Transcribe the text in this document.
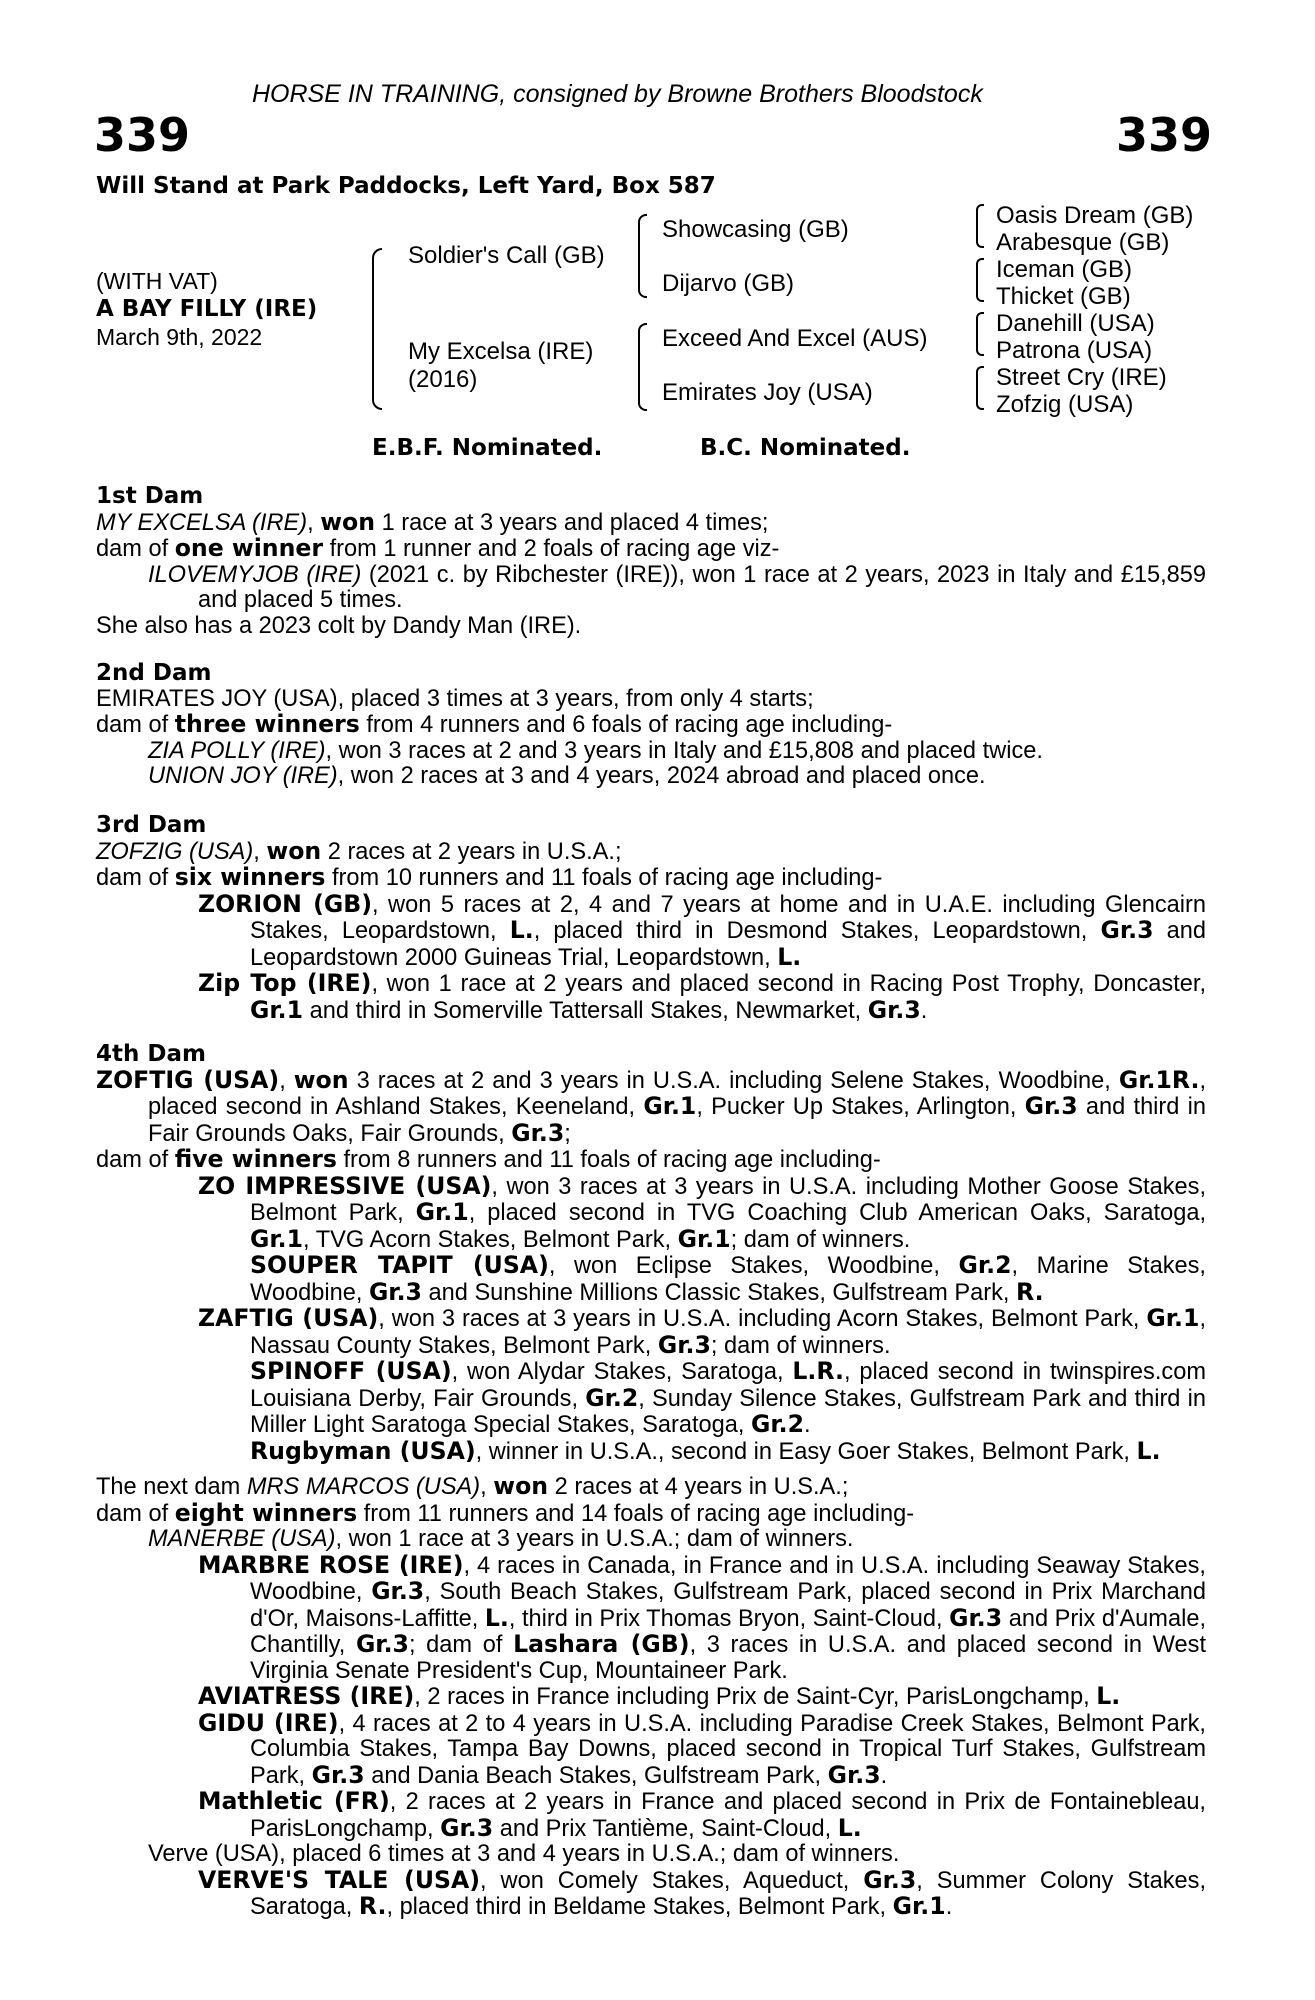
HORSE IN TRAINING, consigned by Browne Brothers Bloodstock
339	339
Will Stand at Park Paddocks, Left Yard, Box 587
(WITH VAT)
A BAY FILLY (IRE)
March 9th, 2022
Soldier's Call (GB)
My Excelsa (IRE)
(2016)
Showcasing (GB)
Dijarvo (GB)
Exceed And Excel (AUS)
Emirates Joy (USA)
Oasis Dream (GB)
Arabesque (GB)
Iceman (GB)
Thicket (GB)
Danehill (USA)
Patrona (USA)
Street Cry (IRE)
Zofzig (USA)
E.B.F. Nominated.	B.C. Nominated.
1st Dam

MY EXCELSA (IRE), won 1 race at 3 years and placed 4 times;

dam of one winner from 1 runner and 2 foals of racing age viz-

ILOVEMYJOB (IRE) (2021 c. by Ribchester (IRE)), won 1 race at 2 years, 2023 in Italy and £15,859 and placed 5 times.

She also has a 2023 colt by Dandy Man (IRE).

2nd Dam

EMIRATES JOY (USA), placed 3 times at 3 years, from only 4 starts;

dam of three winners from 4 runners and 6 foals of racing age including-

ZIA POLLY (IRE), won 3 races at 2 and 3 years in Italy and £15,808 and placed twice.

UNION JOY (IRE), won 2 races at 3 and 4 years, 2024 abroad and placed once.

3rd Dam

ZOFZIG (USA), won 2 races at 2 years in U.S.A.;

dam of six winners from 10 runners and 11 foals of racing age including-

ZORION (GB), won 5 races at 2, 4 and 7 years at home and in U.A.E. including Glencairn Stakes, Leopardstown, L., placed third in Desmond Stakes, Leopardstown, Gr.3 and Leopardstown 2000 Guineas Trial, Leopardstown, L.

Zip Top (IRE), won 1 race at 2 years and placed second in Racing Post Trophy, Doncaster, Gr.1 and third in Somerville Tattersall Stakes, Newmarket, Gr.3.

4th Dam

ZOFTIG (USA), won 3 races at 2 and 3 years in U.S.A. including Selene Stakes, Woodbine, Gr.1R., placed second in Ashland Stakes, Keeneland, Gr.1, Pucker Up Stakes, Arlington, Gr.3 and third in Fair Grounds Oaks, Fair Grounds, Gr.3;

dam of five winners from 8 runners and 11 foals of racing age including-

ZO IMPRESSIVE (USA), won 3 races at 3 years in U.S.A. including Mother Goose Stakes, Belmont Park, Gr.1, placed second in TVG Coaching Club American Oaks, Saratoga, Gr.1, TVG Acorn Stakes, Belmont Park, Gr.1; dam of winners.

SOUPER TAPIT (USA), won Eclipse Stakes, Woodbine, Gr.2, Marine Stakes, Woodbine, Gr.3 and Sunshine Millions Classic Stakes, Gulfstream Park, R.

ZAFTIG (USA), won 3 races at 3 years in U.S.A. including Acorn Stakes, Belmont Park, Gr.1, Nassau County Stakes, Belmont Park, Gr.3; dam of winners.

SPINOFF (USA), won Alydar Stakes, Saratoga, L.R., placed second in twinspires.com Louisiana Derby, Fair Grounds, Gr.2, Sunday Silence Stakes, Gulfstream Park and third in Miller Light Saratoga Special Stakes, Saratoga, Gr.2.

Rugbyman (USA), winner in U.S.A., second in Easy Goer Stakes, Belmont Park, L.

The next dam MRS MARCOS (USA), won 2 races at 4 years in U.S.A.;

dam of eight winners from 11 runners and 14 foals of racing age including-

MANERBE (USA), won 1 race at 3 years in U.S.A.; dam of winners.

MARBRE ROSE (IRE), 4 races in Canada, in France and in U.S.A. including Seaway Stakes, Woodbine, Gr.3, South Beach Stakes, Gulfstream Park, placed second in Prix Marchand d'Or, Maisons-Laffitte, L., third in Prix Thomas Bryon, Saint-Cloud, Gr.3 and Prix d'Aumale, Chantilly, Gr.3; dam of Lashara (GB), 3 races in U.S.A. and placed second in West Virginia Senate President's Cup, Mountaineer Park.

AVIATRESS (IRE), 2 races in France including Prix de Saint-Cyr, ParisLongchamp, L.

GIDU (IRE), 4 races at 2 to 4 years in U.S.A. including Paradise Creek Stakes, Belmont Park, Columbia Stakes, Tampa Bay Downs, placed second in Tropical Turf Stakes, Gulfstream Park, Gr.3 and Dania Beach Stakes, Gulfstream Park, Gr.3.

Mathletic (FR), 2 races at 2 years in France and placed second in Prix de Fontainebleau, ParisLongchamp, Gr.3 and Prix Tantième, Saint-Cloud, L.

Verve (USA), placed 6 times at 3 and 4 years in U.S.A.; dam of winners.

VERVE'S TALE (USA), won Comely Stakes, Aqueduct, Gr.3, Summer Colony Stakes, Saratoga, R., placed third in Beldame Stakes, Belmont Park, Gr.1.
